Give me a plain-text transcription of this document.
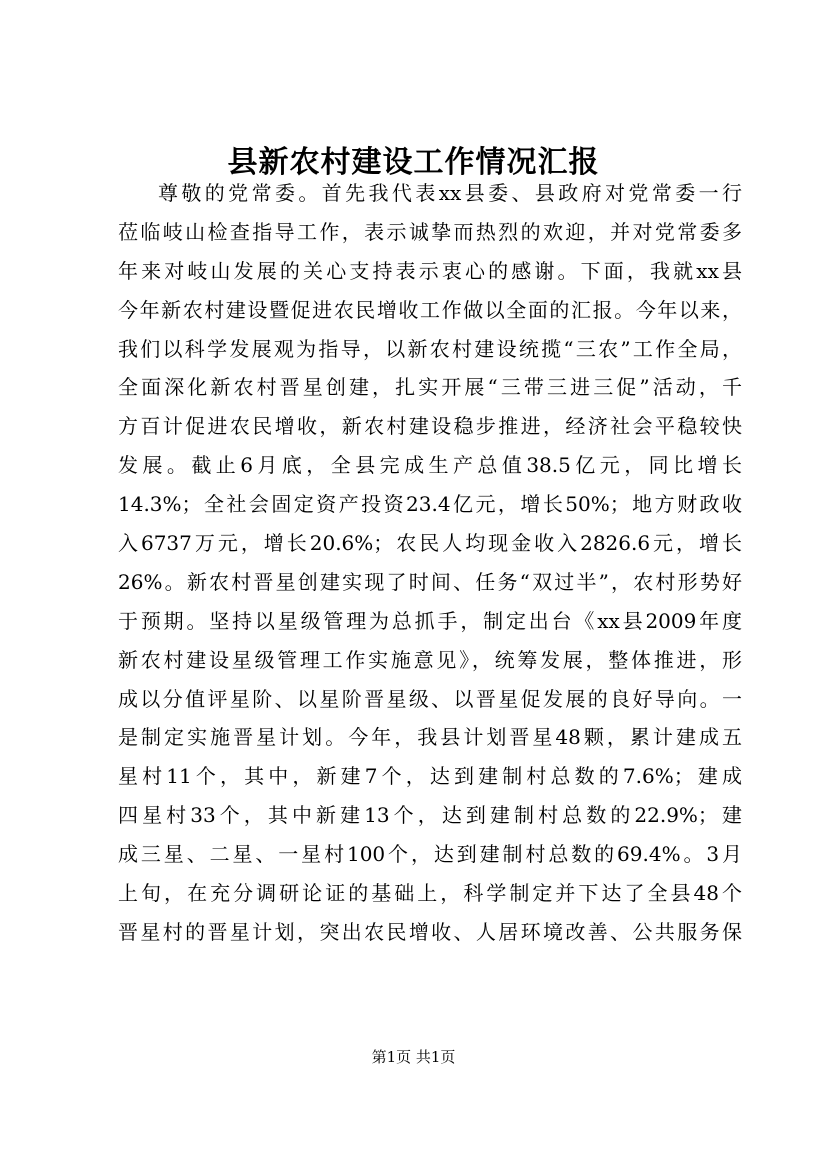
县新农村建设工作情况汇报
尊敬的党常委。首先我代表xx县委、县政府对党常委一行
莅临岐山检查指导工作，表示诚挚而热烈的欢迎，并对党常委多
年来对岐山发展的关心支持表示衷心的感谢。下面，我就xx县
今年新农村建设暨促进农民增收工作做以全面的汇报。今年以来，
我们以科学发展观为指导，以新农村建设统揽“三农”工作全局，
全面深化新农村晋星创建，扎实开展“三带三进三促”活动，千
方百计促进农民增收，新农村建设稳步推进，经济社会平稳较快
发展。截止6月底，全县完成生产总值38.5亿元，同比增长
14.3%；全社会固定资产投资23.4亿元，增长50%；地方财政收
入6737万元，增长20.6%；农民人均现金收入2826.6元，增长
26%。新农村晋星创建实现了时间、任务“双过半”，农村形势好
于预期。坚持以星级管理为总抓手，制定出台《xx县2009年度
新农村建设星级管理工作实施意见》，统筹发展，整体推进，形
成以分值评星阶、以星阶晋星级、以晋星促发展的良好导向。一
是制定实施晋星计划。今年，我县计划晋星48颗，累计建成五
星村11个，其中，新建7个，达到建制村总数的7.6%；建成
四星村33个，其中新建13个，达到建制村总数的22.9%；建
成三星、二星、一星村100个，达到建制村总数的69.4%。3月
上旬，在充分调研论证的基础上，科学制定并下达了全县48个
晋星村的晋星计划，突出农民增收、人居环境改善、公共服务保
第1页 共1页
